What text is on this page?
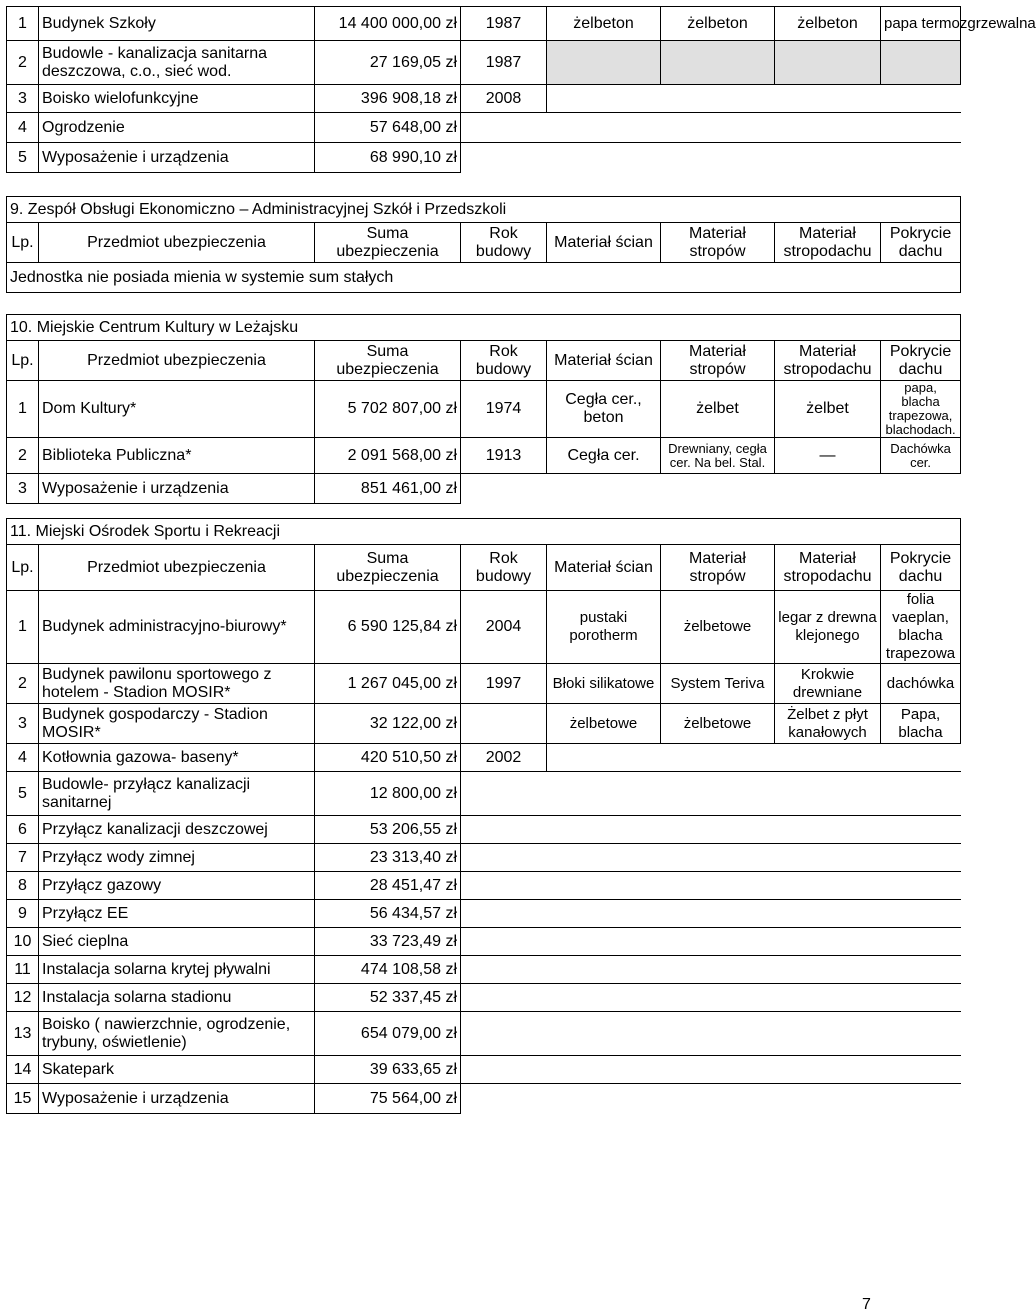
1	Budynek Szkoły	14 400 000,00 zł	1987	żelbeton	żelbeton	żelbeton	papa termozgrzewalna
2	Budowle - kanalizacja sanitarna deszczowa, c.o., sieć wod.	27 169,05 zł	1987				
3	Boisko wielofunkcyjne	396 908,18 zł	2008				
4	Ogrodzenie	57 648,00 zł					
5	Wyposażenie i urządzenia	68 990,10 zł					
9. Zespół Obsługi Ekonomiczno – Administracyjnej Szkół i Przedszkoli
Lp.	Przedmiot ubezpieczenia	Suma ubezpieczenia	Rok budowy	Materiał ścian	Materiał stropów	Materiał stropodachu	Pokrycie dachu
Jednostka nie posiada mienia w systemie sum stałych
10. Miejskie Centrum Kultury w Leżajsku							
Lp.	Przedmiot ubezpieczenia	Suma ubezpieczenia	Rok budowy	Materiał ścian	Materiał stropów	Materiał stropodachu	Pokrycie dachu
1	Dom Kultury*	5 702 807,00 zł	1974	Cegła cer., beton	żelbet	żelbet	papa, blacha trapezowa, blachodach.
2	Biblioteka Publiczna*	2 091 568,00 zł	1913	Cegła cer.	Drewniany, cegła cer. Na bel. Stal.	—	Dachówka cer.
3	Wyposażenie i urządzenia	851 461,00 zł					
11. Miejski Ośrodek Sportu i Rekreacji							
Lp.	Przedmiot ubezpieczenia	Suma ubezpieczenia	Rok budowy	Materiał ścian	Materiał stropów	Materiał stropodachu	Pokrycie dachu
1	Budynek administracyjno-biurowy*	6 590 125,84 zł	2004	pustaki porotherm	żelbetowe	legar z drewna klejonego	folia vaeplan, blacha trapezowa
2	Budynek pawilonu sportowego z hotelem - Stadion MOSIR*	1 267 045,00 zł	1997	Błoki silikatowe	System Teriva	Krokwie drewniane	dachówka
3	Budynek gospodarczy - Stadion MOSIR*	32 122,00 zł		żelbetowe	żelbetowe	Żelbet z płyt kanałowych	Papa, blacha
4	Kotłownia gazowa- baseny*	420 510,50 zł	2002				
5	Budowle- przyłącz kanalizacji sanitarnej	12 800,00 zł					
6	Przyłącz kanalizacji deszczowej	53 206,55 zł					
7	Przyłącz wody zimnej	23 313,40 zł					
8	Przyłącz gazowy	28 451,47 zł					
9	Przyłącz EE	56 434,57 zł					
10	Sieć cieplna	33 723,49 zł					
11	Instalacja solarna krytej pływalni	474 108,58 zł					
12	Instalacja solarna stadionu	52 337,45 zł					
13	Boisko ( nawierzchnie, ogrodzenie, trybuny, oświetlenie)	654 079,00 zł					
14	Skatepark	39 633,65 zł					
15	Wyposażenie i urządzenia	75 564,00 zł					
7
